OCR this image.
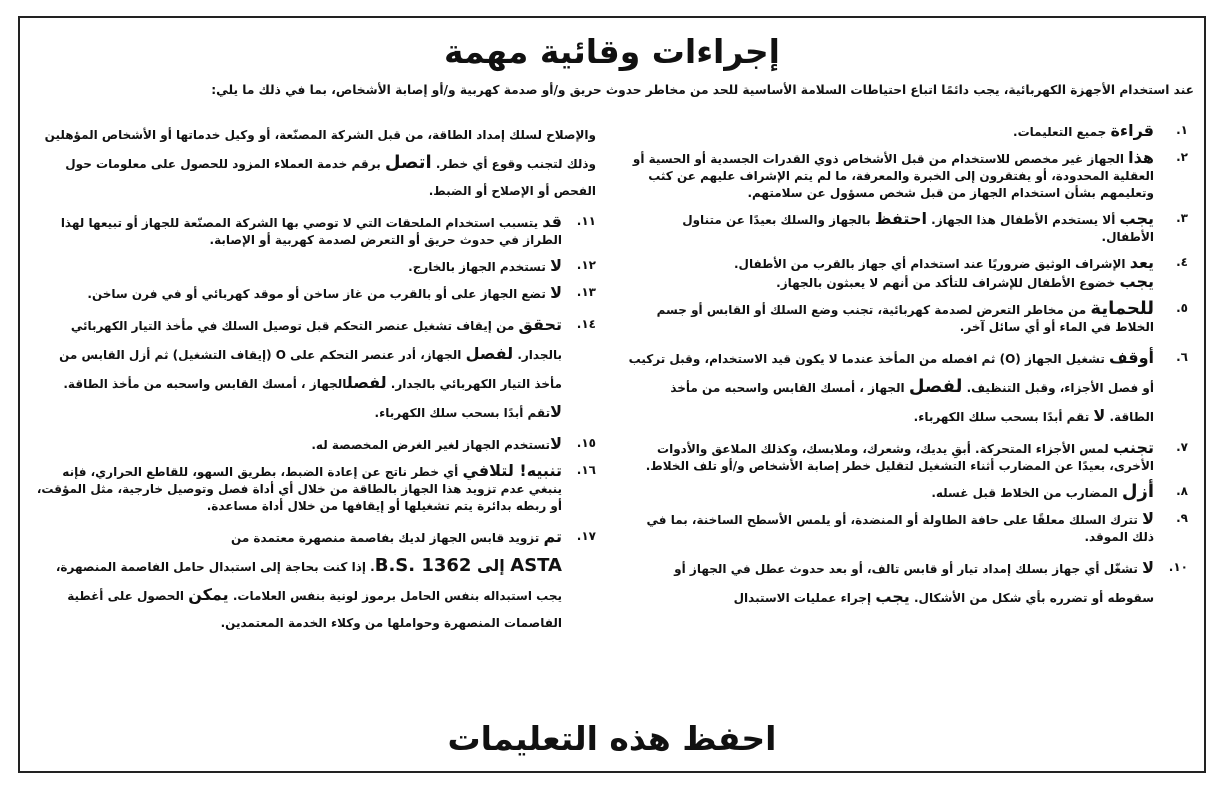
إجراءات وقائية مهمة
عند استخدام الأجهزة الكهربائية، يجب دائمًا اتباع احتياطات السلامة الأساسية للحد من مخاطر حدوث حريق و/أو صدمة كهربية و/أو إصابة الأشخاص، بما في ذلك ما يلي:
١.
قراءة جميع التعليمات.
٢.
هذا الجهاز غير مخصص للاستخدام من قبل الأشخاص ذوي القدرات الجسدية أو الحسية أو العقلية المحدودة، أو يفتقرون إلى الخبرة والمعرفة، ما لم يتم الإشراف عليهم عن كثب وتعليمهم بشأن استخدام الجهاز من قبل شخص مسؤول عن سلامتهم.
٣.
يجب ألا يستخدم الأطفال هذا الجهاز. احتفظ بالجهاز والسلك بعيدًا عن متناول الأطفال.
٤.
يعد الإشراف الوثيق ضروريًا عند استخدام أي جهاز بالقرب من الأطفال.
يجب خضوع الأطفال للإشراف للتأكد من أنهم لا يعبثون بالجهاز.
٥.
للحماية من مخاطر التعرض لصدمة كهربائية، تجنب وضع السلك أو القابس أو جسم الخلاط في الماء أو أي سائل آخر.
٦.
أوقف تشغيل الجهاز (O) ثم افصله من المأخذ عندما لا يكون قيد الاستخدام، وقبل تركيب أو فصل الأجزاء، وقبل التنظيف. لفصل الجهاز ، أمسك القابس واسحبه من مأخذ الطاقة. لا تقم أبدًا بسحب سلك الكهرباء.
٧.
تجنب لمس الأجزاء المتحركة. أبقِ يديك، وشعرك، وملابسك، وكذلك الملاعق والأدوات الأخرى، بعيدًا عن المضارب أثناء التشغيل لتقليل خطر إصابة الأشخاص و/أو تلف الخلاط.
٨.
أزل المضارب من الخلاط قبل غسله.
٩.
لا تترك السلك معلقًا على حافة الطاولة أو المنضدة، أو يلمس الأسطح الساخنة، بما في ذلك الموقد.
١٠.
لا تشغّل أي جهاز بسلك إمداد تيار أو قابس تالف، أو بعد حدوث عطل في الجهاز أو سقوطه أو تضرره بأي شكل من الأشكال. يجب إجراء عمليات الاستبدال
والإصلاح لسلك إمداد الطاقة، من قبل الشركة المصنّعة، أو وكيل خدماتها أو الأشخاص المؤهلين وذلك لتجنب وقوع أي خطر. اتصل برقم خدمة العملاء المزود للحصول على معلومات حول الفحص أو الإصلاح أو الضبط.
١١.
قد يتسبب استخدام الملحقات التي لا توصي بها الشركة المصنّعة للجهاز أو تبيعها لهذا الطراز في حدوث حريق أو التعرض لصدمة كهربية أو الإصابة.
١٢.
لا تستخدم الجهاز بالخارج.
١٣.
لا تضع الجهاز على أو بالقرب من غاز ساخن أو موقد كهربائي أو في فرن ساخن.
١٤.
تحقق من إيقاف تشغيل عنصر التحكم قبل توصيل السلك في مأخذ التيار الكهربائي بالجدار. لفصل الجهاز، أدر عنصر التحكم على O (إيقاف التشغيل) ثم أزل القابس من مأخذ التيار الكهربائي بالجدار. لفصلالجهاز ، أمسك القابس واسحبه من مأخذ الطاقة. لاتقم أبدًا بسحب سلك الكهرباء.
١٥.
لاتستخدم الجهاز لغير الغرض المخصصة له.
١٦.
تنبيه! لتلافي أي خطر ناتج عن إعادة الضبط، بطريق السهو، للقاطع الحراري، فإنه ينبغي عدم تزويد هذا الجهاز بالطاقة من خلال أي أداة فصل وتوصيل خارجية، مثل المؤقت، أو ربطه بدائرة يتم تشغيلها أو إيقافها من خلال أداة مساعدة.
١٧.
تم تزويد قابس الجهاز لديك بفاصمة منصهرة معتمدة من
ASTA إلى B.S. 1362. إذا كنت بحاجة إلى استبدال حامل الفاصمة المنصهرة، يجب استبداله بنفس الحامل برموز لونية بنفس العلامات. يمكن الحصول على أغطية الفاصمات المنصهرة وحواملها من وكلاء الخدمة المعتمدين.
احفظ هذه التعليمات
